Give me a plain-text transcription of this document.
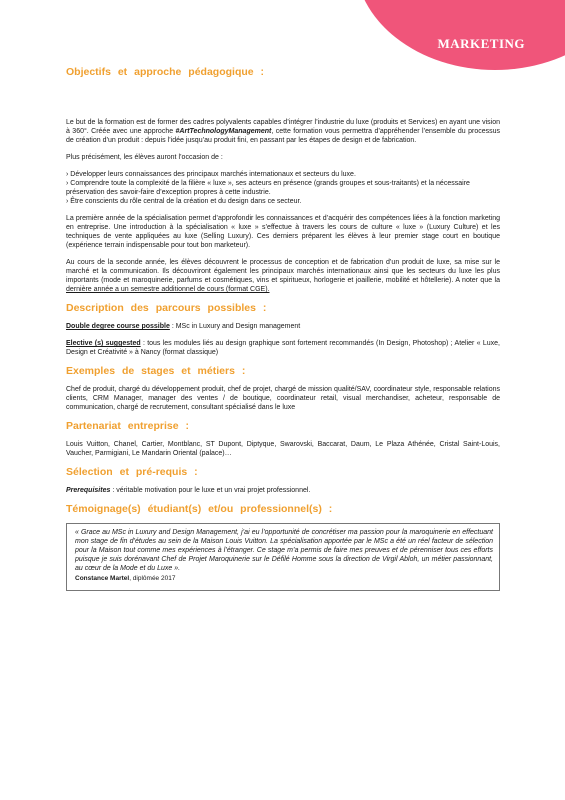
MARKETING
Objectifs et approche pédagogique :
Le but de la formation est de former des cadres polyvalents capables d’intégrer l’industrie du luxe (produits et Services) en ayant une vision à 360°. Créée avec une approche #ArtTechnologyManagement, cette formation vous permettra d’appréhender l’ensemble du processus de création d’un produit : depuis l’idée jusqu’au produit fini, en passant par les étapes de design et de fabrication.
Plus précisément, les élèves auront l’occasion de :
› Développer leurs connaissances des principaux marchés internationaux et secteurs du luxe.
› Comprendre toute la complexité de la filière « luxe », ses acteurs en présence (grands groupes et sous-traitants) et la nécessaire préservation des savoir-faire d’exception propres à cette industrie.
› Être conscients du rôle central de la création et du design dans ce secteur.
La première année de la spécialisation permet d’approfondir les connaissances et d’acquérir des compétences liées à la fonction marketing en entreprise. Une introduction à la spécialisation « luxe » s’effectue à travers les cours de culture « luxe » (Luxury Culture) et les techniques de vente appliquées au luxe (Selling Luxury). Ces derniers préparent les élèves à leur premier stage court en boutique (expérience terrain indispensable pour tout bon marketeur).
Au cours de la seconde année, les élèves découvrent le processus de conception et de fabrication d’un produit de luxe, sa mise sur le marché et la communication. Ils découvriront également les principaux marchés internationaux ainsi que les secteurs du luxe les plus importants (mode et maroquinerie, parfums et cosmétiques, vins et spiritueux, horlogerie et joaillerie, mobilité et hôtellerie). A noter que la dernière année a un semestre additionnel de cours (format CGE).
Description des parcours possibles :
Double degree course possible : MSc in Luxury and Design management
Elective (s) suggested : tous les modules liés au design graphique sont fortement recommandés (In Design, Photoshop) ; Atelier « Luxe, Design et Créativité » à Nancy (format classique)
Exemples de stages et métiers :
Chef de produit, chargé du développement produit, chef de projet, chargé de mission qualité/SAV, coordinateur style, responsable relations clients, CRM Manager, manager des ventes / de boutique, coordinateur retail, visual merchandiser, acheteur, responsable de communication, chargé de recrutement, consultant spécialisé dans le luxe
Partenariat entreprise :
Louis Vuitton, Chanel, Cartier, Montblanc, ST Dupont, Diptyque, Swarovski, Baccarat, Daum, Le Plaza Athénée, Cristal Saint-Louis, Vaucher, Parmigiani, Le Mandarin Oriental (palace)…
Sélection et pré-requis :
Prerequisites : véritable motivation pour le luxe et un vrai projet professionnel.
Témoignage(s) étudiant(s) et/ou professionnel(s) :
« Grace au MSc in Luxury and Design Management, j’ai eu l’opportunité de concrétiser ma passion pour la maroquinerie en effectuant mon stage de fin d’études au sein de la Maison Louis Vuitton. La spécialisation apportée par le MSc a été un réel facteur de sélection pour la Maison tout comme mes expériences à l’étranger. Ce stage m’a permis de faire mes preuves et de pérenniser tous ces efforts puisque je suis dorénavant Chef de Projet Maroquinerie sur le Défilé Homme sous la direction de Virgil Abloh, un métier passionnant, au cœur de la Mode et du Luxe ».
Constance Martel, diplômée 2017
